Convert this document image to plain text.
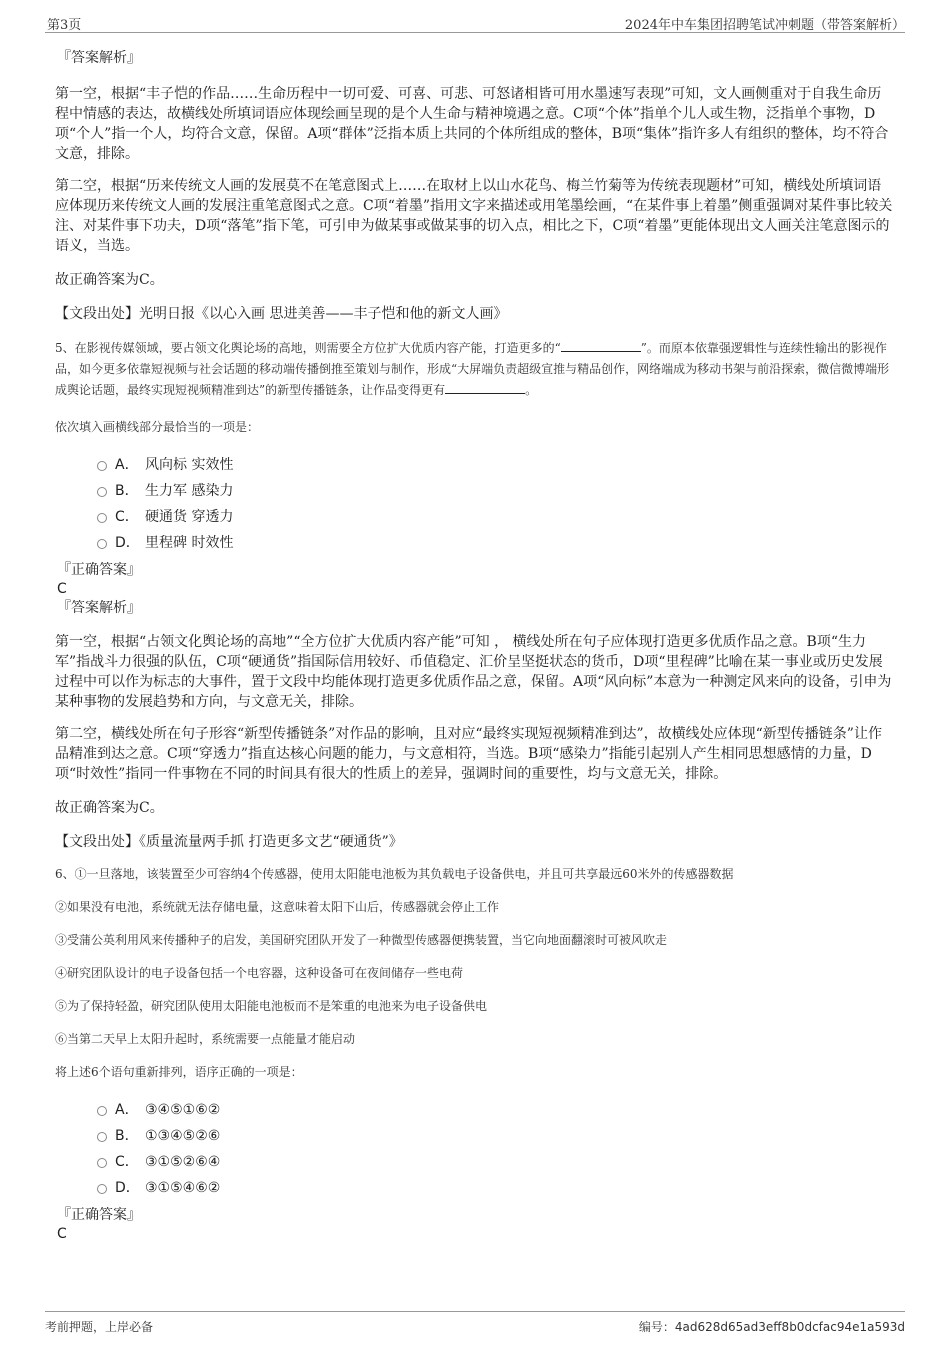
第3页	2024年中车集团招聘笔试冲刺题（带答案解析）
『答案解析』

第一空，根据“丰子恺的作品……生命历程中一切可爱、可喜、可悲、可怒诸相皆可用水墨速写表现”可知，文人画侧重对于自我生命历程中情感的表达，故横线处所填词语应体现绘画呈现的是个人生命与精神境遇之意。C项“个体”指单个儿人或生物，泛指单个事物，D项“个人”指一个人，均符合文意，保留。A项“群体”泛指本质上共同的个体所组成的整体，B项“集体”指许多人有组织的整体，均不符合文意，排除。

第二空，根据“历来传统文人画的发展莫不在笔意图式上……在取材上以山水花鸟、梅兰竹菊等为传统表现题材”可知，横线处所填词语应体现历来传统文人画的发展注重笔意图式之意。C项“着墨”指用文字来描述或用笔墨绘画，“在某件事上着墨”侧重强调对某件事比较关注、对某件事下功夫，D项“落笔”指下笔，可引申为做某事或做某事的切入点，相比之下，C项“着墨”更能体现出文人画关注笔意图示的语义，当选。

故正确答案为C。

【文段出处】光明日报《以心入画 思进美善——丰子恺和他的新文人画》

5、在影视传媒领域，要占领文化舆论场的高地，则需要全方位扩大优质内容产能，打造更多的“	”。而原本依靠强逻辑性与连续性输出的影视作品，如今更多依靠短视频与社会话题的移动端传播倒推至策划与制作，形成“大屏端负责超级宣推与精品创作，网络端成为移动书架与前沿探索，微信微博端形成舆论话题，最终实现短视频精准到达”的新型传播链条，让作品变得更有	。

依次填入画横线部分最恰当的一项是：

A． 风向标 实效性
B． 生力军 感染力
C． 硬通货 穿透力
D． 里程碑 时效性
『正确答案』
C
『答案解析』

第一空，根据“占领文化舆论场的高地”“全方位扩大优质内容产能”可知 ， 横线处所在句子应体现打造更多优质作品之意。B项“生力军”指战斗力很强的队伍，C项“硬通货”指国际信用较好、币值稳定、汇价呈坚挺状态的货币，D项“里程碑”比喻在某一事业或历史发展过程中可以作为标志的大事件，置于文段中均能体现打造更多优质作品之意，保留。A项“风向标”本意为一种测定风来向的设备，引申为某种事物的发展趋势和方向，与文意无关，排除。

第二空，横线处所在句子形容“新型传播链条”对作品的影响，且对应“最终实现短视频精准到达”，故横线处应体现“新型传播链条”让作品精准到达之意。C项“穿透力”指直达核心问题的能力，与文意相符，当选。B项“感染力”指能引起别人产生相同思想感情的力量，D项“时效性”指同一件事物在不同的时间具有很大的性质上的差异，强调时间的重要性，均与文意无关，排除。

故正确答案为C。

【文段出处】《质量流量两手抓 打造更多文艺“硬通货”》

6、①一旦落地，该装置至少可容纳4个传感器，使用太阳能电池板为其负载电子设备供电，并且可共享最远60米外的传感器数据

②如果没有电池，系统就无法存储电量，这意味着太阳下山后，传感器就会停止工作

③受蒲公英利用风来传播种子的启发，美国研究团队开发了一种微型传感器便携装置，当它向地面翻滚时可被风吹走

④研究团队设计的电子设备包括一个电容器，这种设备可在夜间储存一些电荷

⑤为了保持轻盈，研究团队使用太阳能电池板而不是笨重的电池来为电子设备供电

⑥当第二天早上太阳升起时，系统需要一点能量才能启动

将上述6个语句重新排列，语序正确的一项是：

A． ③④⑤①⑥②
B． ①③④⑤②⑥
C． ③①⑤②⑥④
D． ③①⑤④⑥②
『正确答案』
C
考前押题，上岸必备	编号：4ad628d65ad3eff8b0dcfac94e1a593d
